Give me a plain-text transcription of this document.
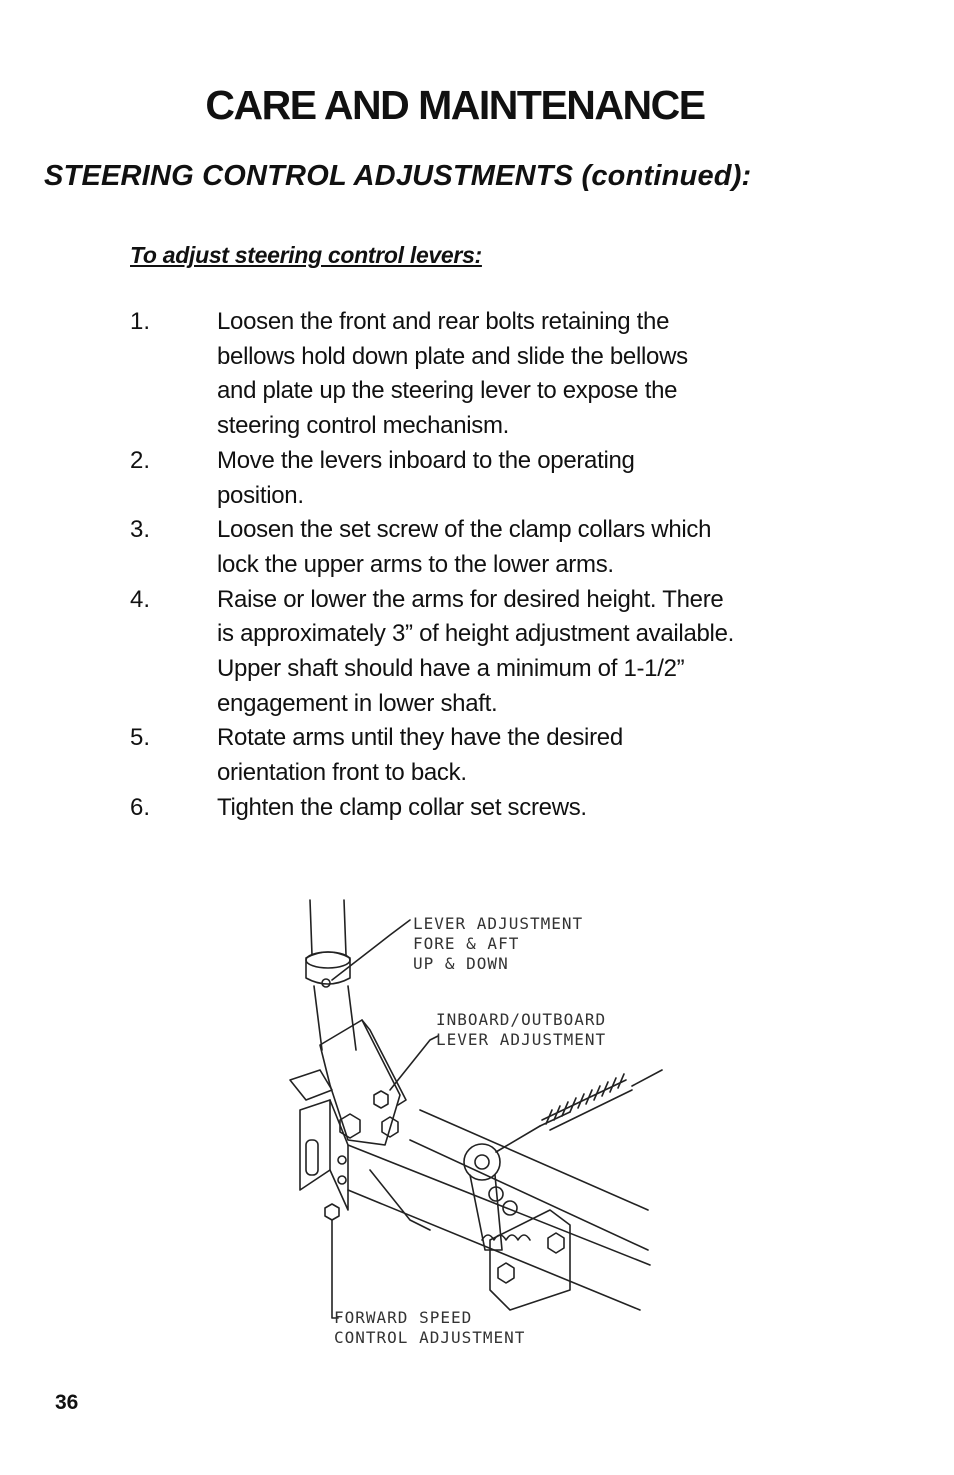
CARE AND MAINTENANCE
STEERING CONTROL ADJUSTMENTS (continued):
To adjust steering control levers:
1.	Loosen the front and rear bolts retaining the
bellows hold down plate and slide the bellows
and plate up the steering lever to expose the
steering control mechanism.
2.	Move the levers inboard to the operating
position.
3.	Loosen the set screw of the clamp collars which
lock the upper arms to the lower arms.
4.	Raise or lower the arms for desired height. There
is approximately 3” of height adjustment available.
Upper shaft should have a minimum of 1-1/2”
engagement in lower shaft.
5.	Rotate arms until they have the desired
orientation front to back.
6.	Tighten the clamp collar set screws.
LEVER ADJUSTMENT
FORE & AFT
UP & DOWN
INBOARD/OUTBOARD
LEVER ADJUSTMENT
FORWARD SPEED
CONTROL ADJUSTMENT
36
